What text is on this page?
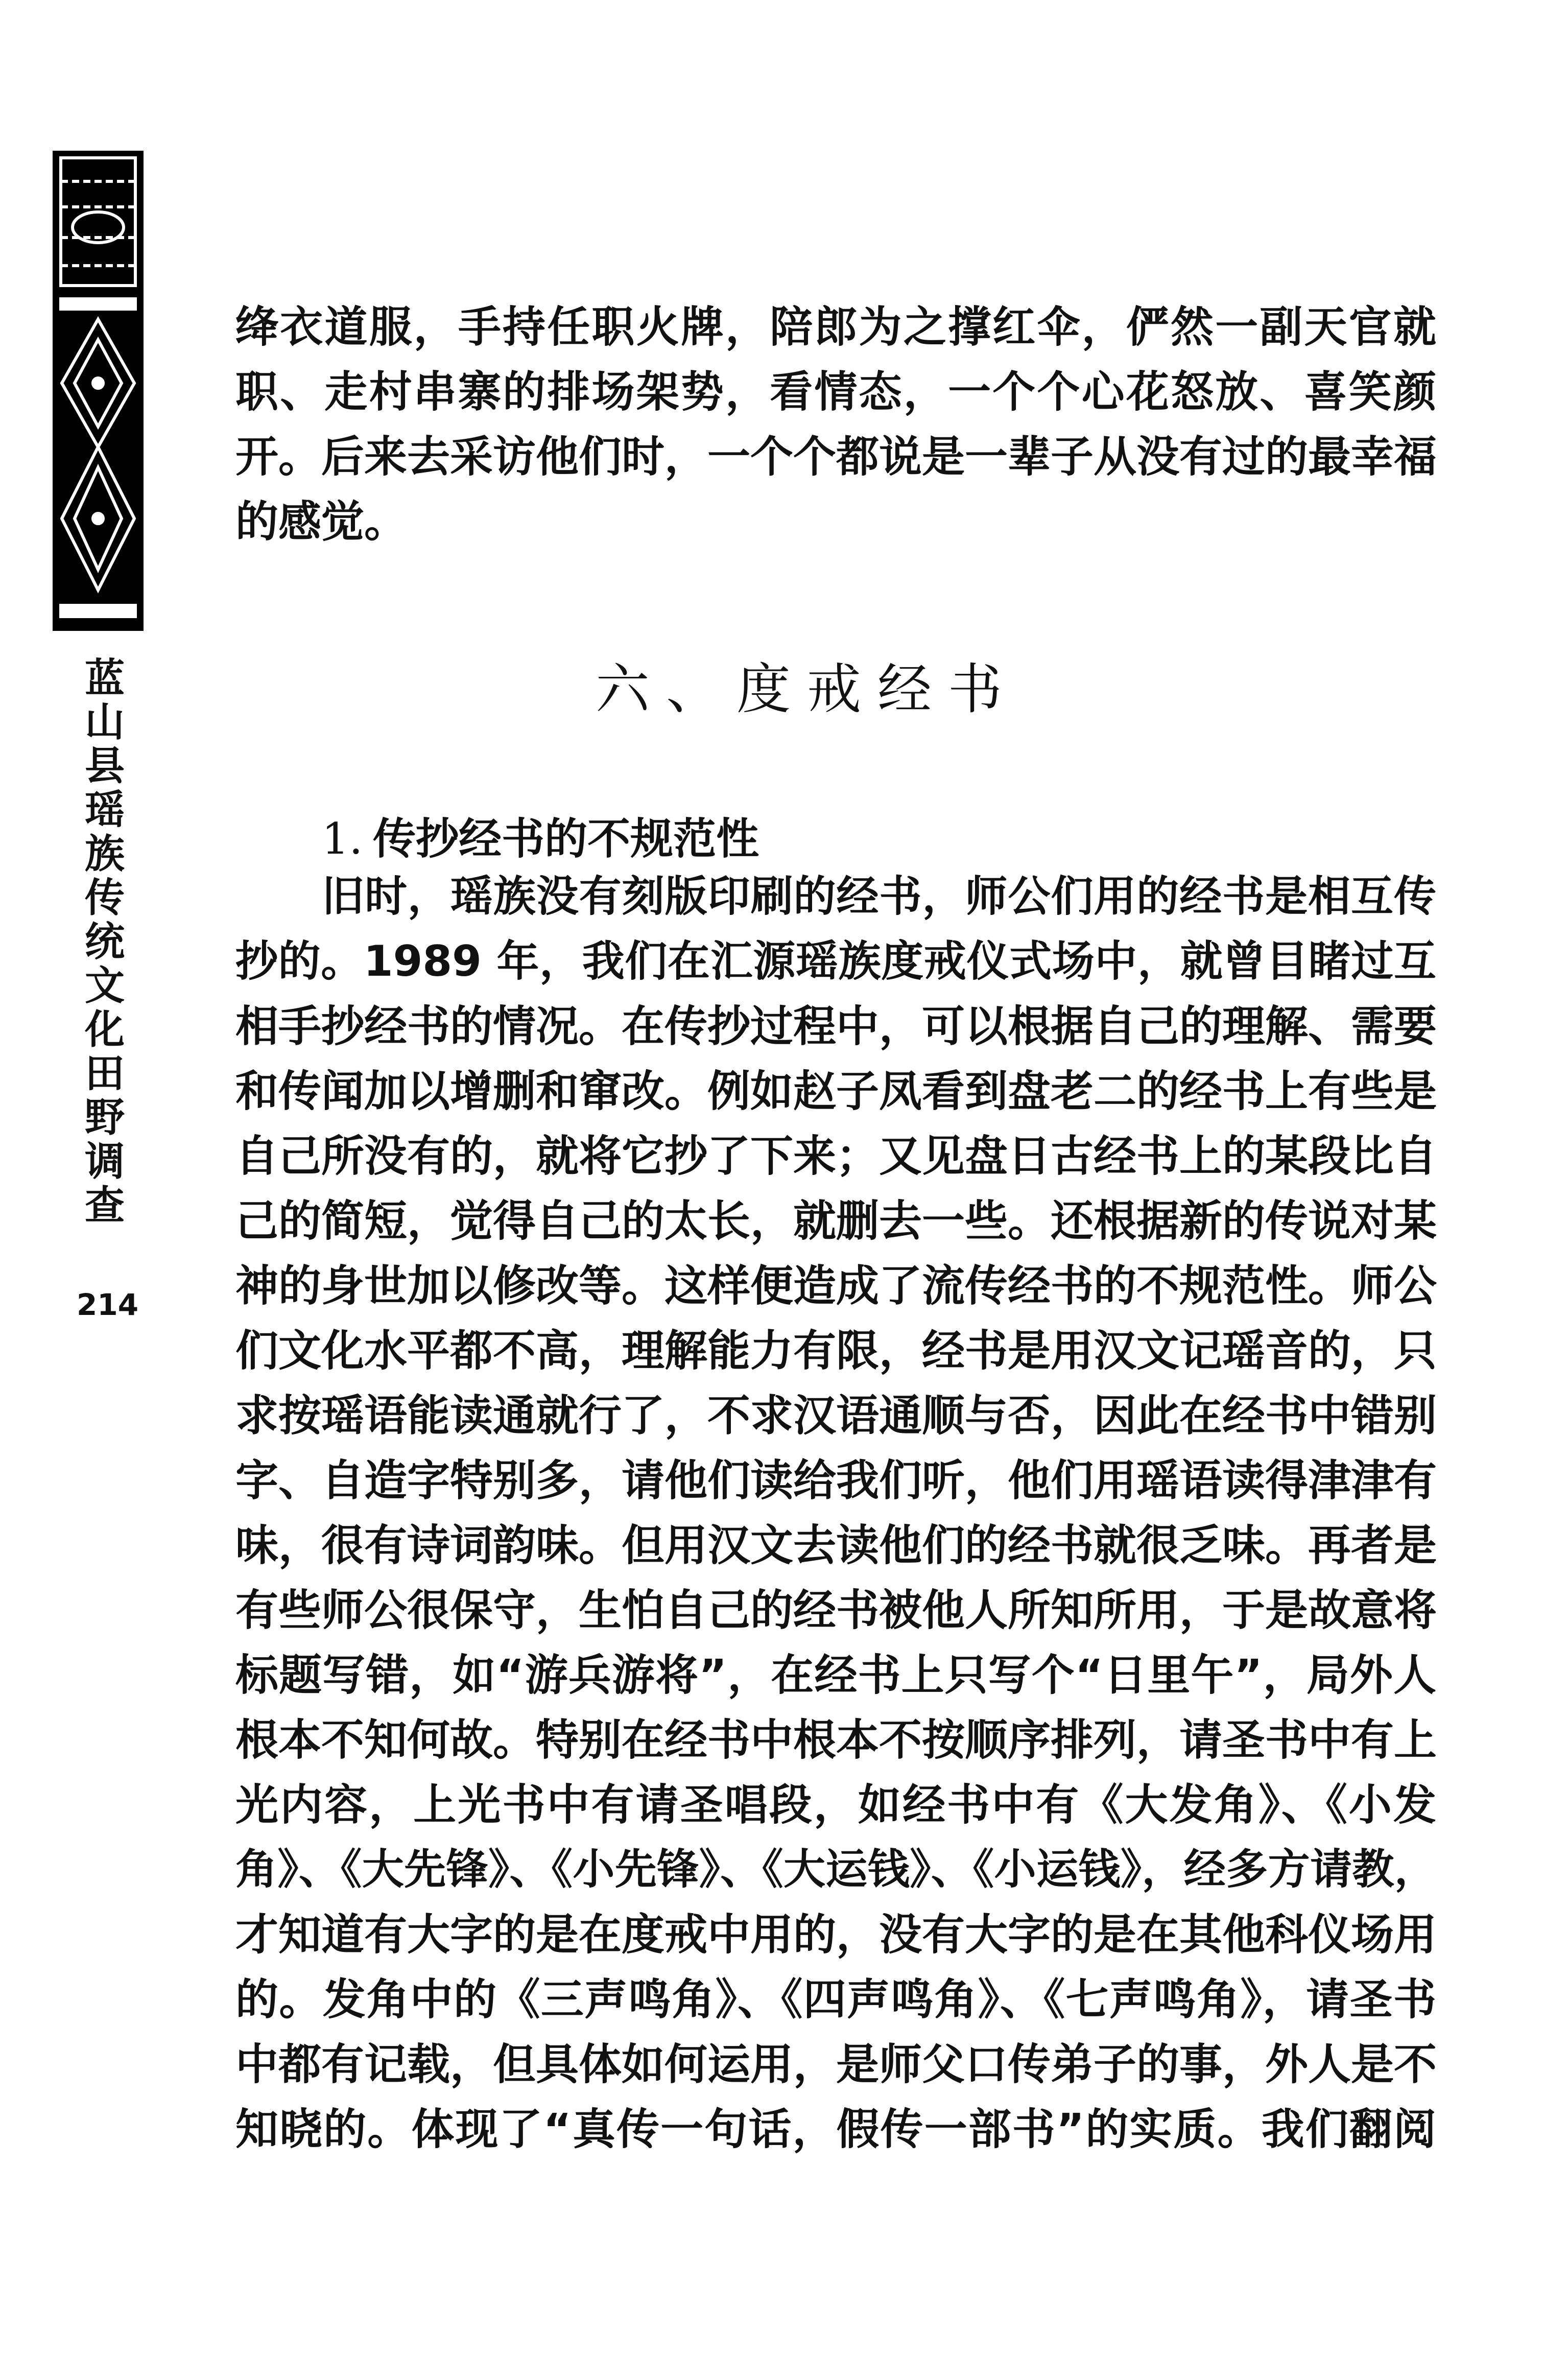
蓝
山
县
瑶
族
传
统
文
化
田
野
调
查
214
绛衣道服，手持任职火牌，陪郎为之撑红伞，俨然一副天官就
职、走村串寨的排场架势，看情态，一个个心花怒放、喜笑颜
开。后来去采访他们时，一个个都说是一辈子从没有过的最幸福
的感觉。
六、度戒经书
1. 传抄经书的不规范性
旧时，瑶族没有刻版印刷的经书，师公们用的经书是相互传
抄的。1989 年，我们在汇源瑶族度戒仪式场中，就曾目睹过互
相手抄经书的情况。在传抄过程中，可以根据自己的理解、需要
和传闻加以增删和窜改。例如赵子凤看到盘老二的经书上有些是
自己所没有的，就将它抄了下来；又见盘日古经书上的某段比自
己的简短，觉得自己的太长，就删去一些。还根据新的传说对某
神的身世加以修改等。这样便造成了流传经书的不规范性。师公
们文化水平都不高，理解能力有限，经书是用汉文记瑶音的，只
求按瑶语能读通就行了，不求汉语通顺与否，因此在经书中错别
字、自造字特别多，请他们读给我们听，他们用瑶语读得津津有
味，很有诗词韵味。但用汉文去读他们的经书就很乏味。再者是
有些师公很保守，生怕自己的经书被他人所知所用，于是故意将
标题写错，如“游兵游将”，在经书上只写个“日里午”，局外人
根本不知何故。特别在经书中根本不按顺序排列，请圣书中有上
光内容，上光书中有请圣唱段，如经书中有《大发角》、《小发
角》、《大先锋》、《小先锋》、《大运钱》、《小运钱》，经多方请教，
才知道有大字的是在度戒中用的，没有大字的是在其他科仪场用
的。发角中的《三声鸣角》、《四声鸣角》、《七声鸣角》，请圣书
中都有记载，但具体如何运用，是师父口传弟子的事，外人是不
知晓的。体现了“真传一句话，假传一部书”的实质。我们翻阅
